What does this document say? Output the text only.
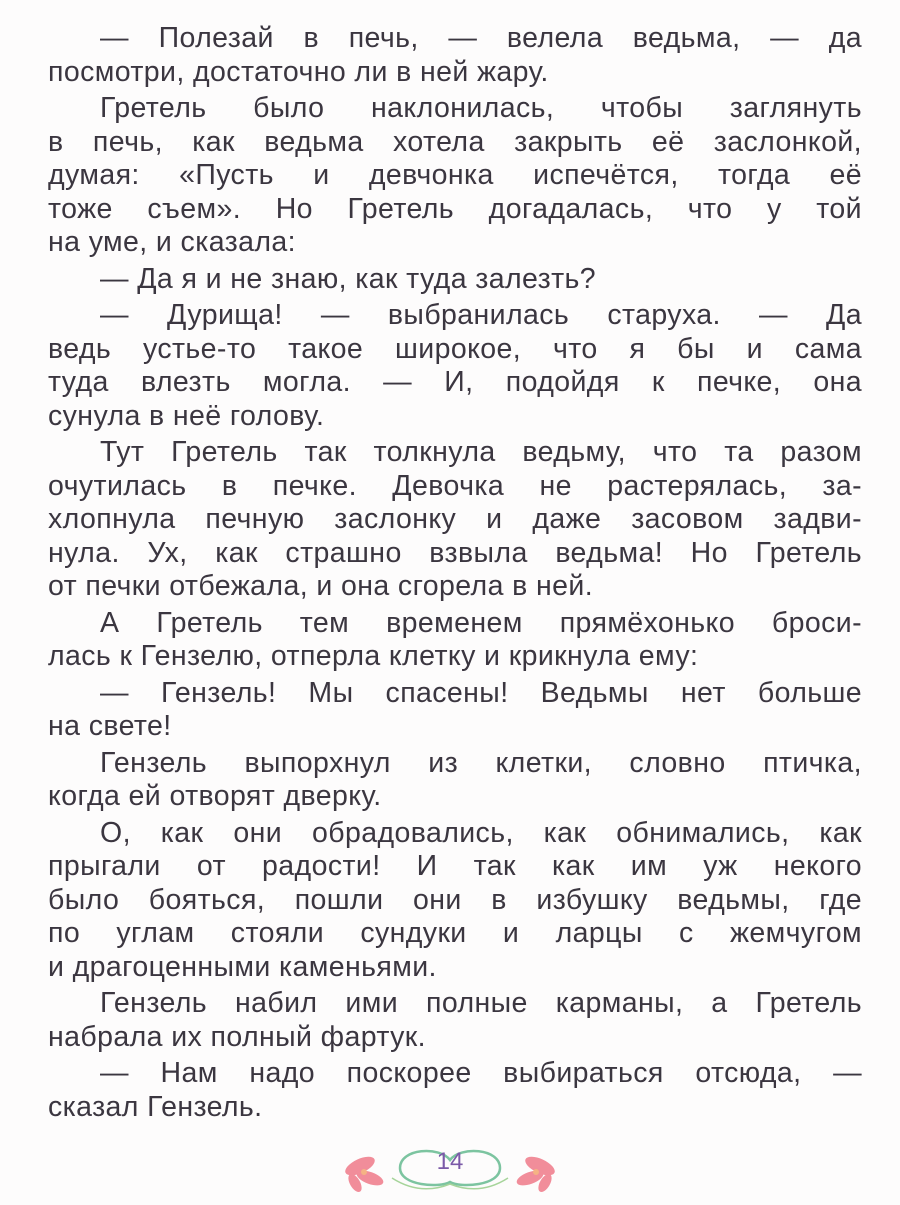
— Полезай в печь, — велела ведьма, — да
посмотри, достаточно ли в ней жару.
Гретель было наклонилась, чтобы заглянуть
в печь, как ведьма хотела закрыть её заслонкой,
думая: «Пусть и девчонка испечётся, тогда её
тоже съем». Но Гретель догадалась, что у той
на уме, и сказала:
— Да я и не знаю, как туда залезть?
— Дурища! — выбранилась старуха. — Да
ведь устье-то такое широкое, что я бы и сама
туда влезть могла. — И, подойдя к печке, она
сунула в неё голову.
Тут Гретель так толкнула ведьму, что та разом
очутилась в печке. Девочка не растерялась, за-
хлопнула печную заслонку и даже засовом задви-
нула. Ух, как страшно взвыла ведьма! Но Гретель
от печки отбежала, и она сгорела в ней.
А Гретель тем временем прямёхонько броси-
лась к Гензелю, отперла клетку и крикнула ему:
— Гензель! Мы спасены! Ведьмы нет больше
на свете!
Гензель выпорхнул из клетки, словно птичка,
когда ей отворят дверку.
О, как они обрадовались, как обнимались, как
прыгали от радости! И так как им уж некого
было бояться, пошли они в избушку ведьмы, где
по углам стояли сундуки и ларцы с жемчугом
и драгоценными каменьями.
Гензель набил ими полные карманы, а Гретель
набрала их полный фартук.
— Нам надо поскорее выбираться отсюда, —
сказал Гензель.
14
